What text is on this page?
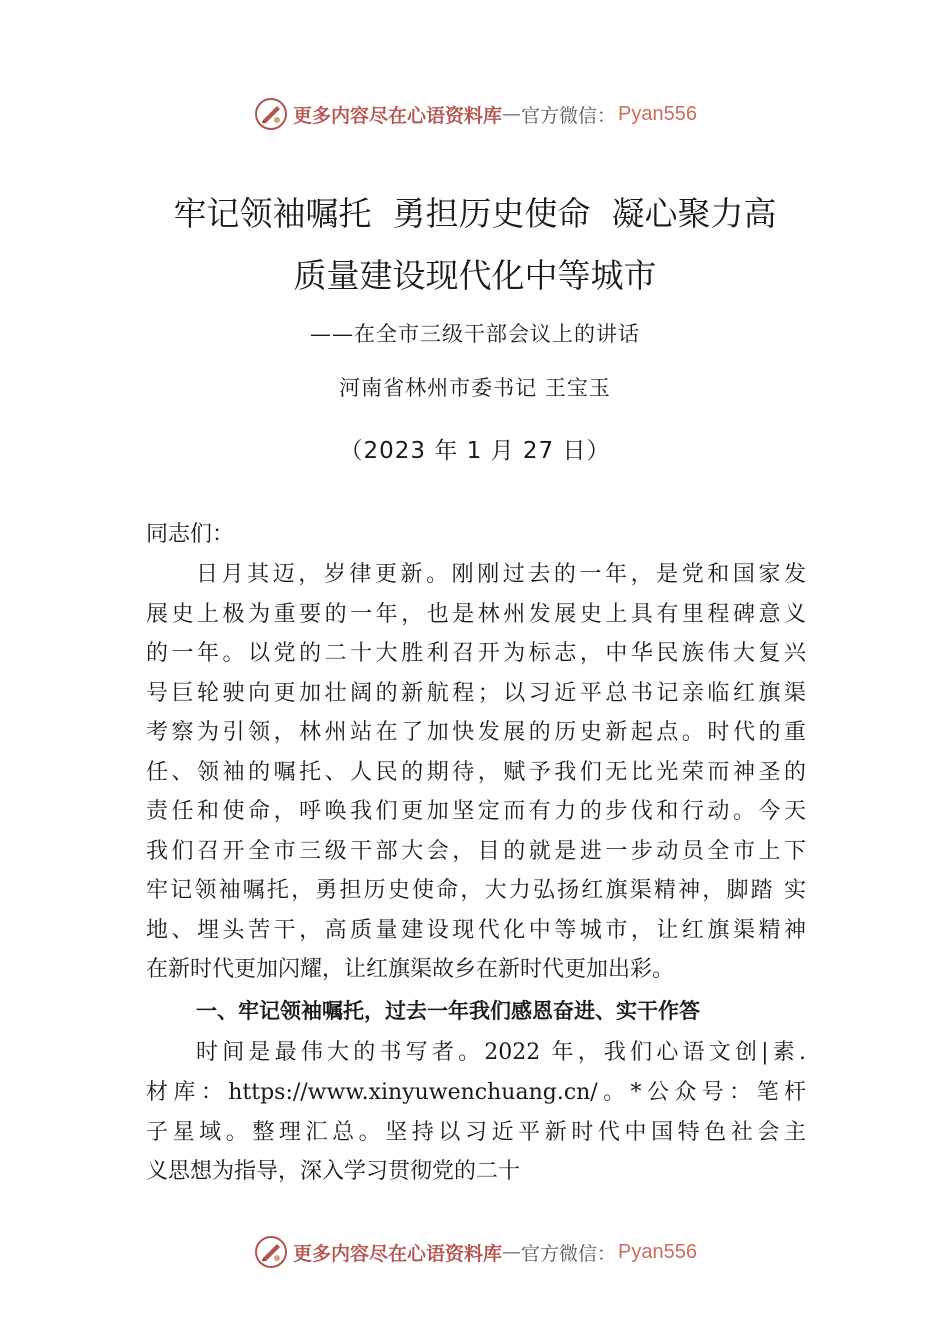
更多内容尽在心语资料库 — 官方微信： Pyan556
牢记领袖嘱托  勇担历史使命  凝心聚力高
质量建设现代化中等城市
——在全市三级干部会议上的讲话
河南省林州市委书记 王宝玉
（2023 年 1 月 27 日）
同志们：
日月其迈，岁律更新。刚刚过去的一年，是党和国家发
展史上极为重要的一年，也是林州发展史上具有里程碑意义
的一年。以党的二十大胜利召开为标志，中华民族伟大复兴
号巨轮驶向更加壮阔的新航程；以习近平总书记亲临红旗渠
考察为引领，林州站在了加快发展的历史新起点。时代的重
任、领袖的嘱托、人民的期待，赋予我们无比光荣而神圣的
责任和使命，呼唤我们更加坚定而有力的步伐和行动。今天
我们召开全市三级干部大会，目的就是进一步动员全市上下
牢记领袖嘱托，勇担历史使命，大力弘扬红旗渠精神，脚踏 实
地、埋头苦干，高质量建设现代化中等城市，让红旗渠精神
在新时代更加闪耀，让红旗渠故乡在新时代更加出彩。
一、牢记领袖嘱托，过去一年我们感恩奋进、实干作答
时间是最伟大的书写者。2022 年，我们心语文创|素.
材库：https://www.xinyuwenchuang.cn/。*公众号：笔杆
子星域。整理汇总。坚持以习近平新时代中国特色社会主
义思想为指导，深入学习贯彻党的二十
更多内容尽在心语资料库 — 官方微信： Pyan556
